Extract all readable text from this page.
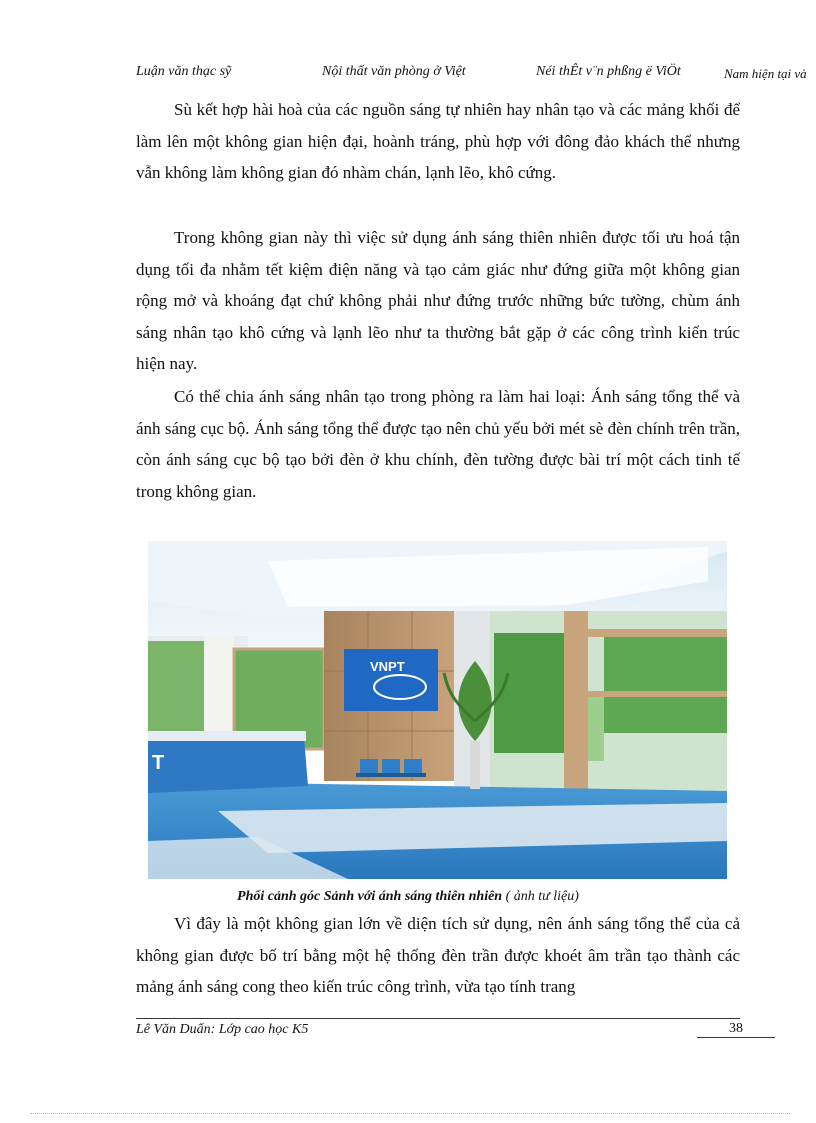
Luận văn thạc sỹ	Nội thất văn phòng ở Việt	Néi thÊt v¨n phßng ë ViÖt	Nam hiện tại và

Sù kết hợp hài hoà của các nguồn sáng tự nhiên hay nhân tạo và các mảng khối để làm lên một không gian hiện đại, hoành tráng, phù hợp với đông đảo khách thể nhưng vẫn không làm không gian đó nhàm chán, lạnh lẽo, khô cứng.

Trong không gian này thì việc sử dụng ánh sáng thiên nhiên được tối ưu hoá tận dụng tối đa nhằm tết kiệm điện năng và tạo cảm giác như đứng giữa một không gian rộng mở và khoáng đạt chứ không phải như đứng trước những bức tường, chùm ánh sáng nhân tạo khô cứng và lạnh lẽo như ta thường bắt gặp ở các công trình kiến trúc hiện nay.

Có thể chia ánh sáng nhân tạo trong phòng ra làm hai loại: Ánh sáng tổng thể và ánh sáng cục bộ. Ánh sáng tổng thể được tạo nên chủ yếu bởi mét sè đèn chính trên trần, còn ánh sáng cục bộ tạo bởi đèn ở khu chính, đèn tường được bài trí một cách tinh tế trong không gian.

VNPT
T
Phối cảnh góc Sảnh với ánh sáng thiên nhiên ( ảnh tư liệu)

Vì đây là một không gian lớn về diện tích sử dụng, nên ánh sáng tổng thể của cả không gian được bố trí bằng một hệ thống đèn trần được khoét âm trần tạo thành các mảng ánh sáng cong theo kiến trúc công trình, vừa tạo tính trang

Lê Văn Duẩn: Lớp cao học K5	38
